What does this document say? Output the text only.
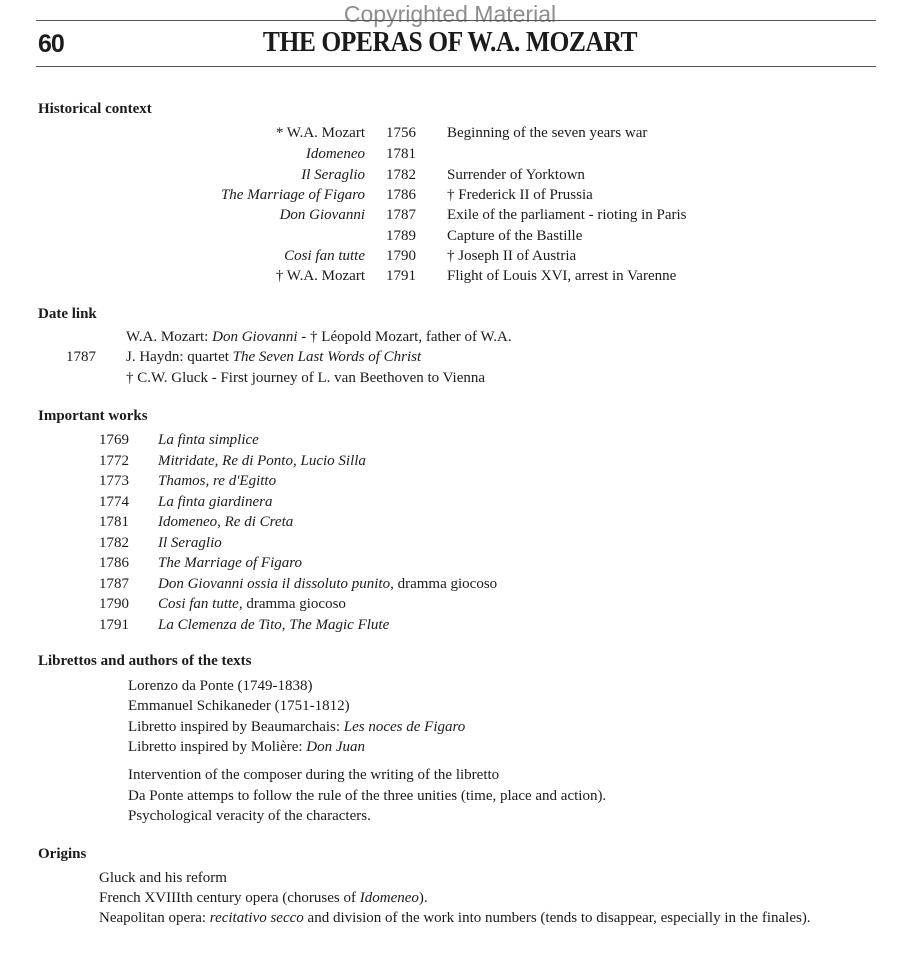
Copyrighted Material
60	THE OPERAS OF W.A. MOZART
Historical context
* W.A. Mozart 1756 Beginning of the seven years war
Idomeneo 1781
Il Seraglio 1782 Surrender of Yorktown
The Marriage of Figaro 1786 † Frederick II of Prussia
Don Giovanni 1787 Exile of the parliament - rioting in Paris
1789 Capture of the Bastille
Cosi fan tutte 1790 † Joseph II of Austria
† W.A. Mozart 1791 Flight of Louis XVI, arrest in Varenne
Date link
W.A. Mozart: Don Giovanni - † Léopold Mozart, father of W.A.
1787 J. Haydn: quartet The Seven Last Words of Christ
† C.W. Gluck - First journey of L. van Beethoven to Vienna
Important works
1769 La finta simplice
1772 Mitridate, Re di Ponto, Lucio Silla
1773 Thamos, re d'Egitto
1774 La finta giardinera
1781 Idomeneo, Re di Creta
1782 Il Seraglio
1786 The Marriage of Figaro
1787 Don Giovanni ossia il dissoluto punito, dramma giocoso
1790 Cosi fan tutte, dramma giocoso
1791 La Clemenza de Tito, The Magic Flute
Librettos and authors of the texts
Lorenzo da Ponte (1749-1838)
Emmanuel Schikaneder (1751-1812)
Libretto inspired by Beaumarchais: Les noces de Figaro
Libretto inspired by Molière: Don Juan
Intervention of the composer during the writing of the libretto
Da Ponte attemps to follow the rule of the three unities (time, place and action).
Psychological veracity of the characters.
Origins
Gluck and his reform
French XVIIIth century opera (choruses of Idomeneo).
Neapolitan opera: recitativo secco and division of the work into numbers (tends to disappear, especially in the finales).
